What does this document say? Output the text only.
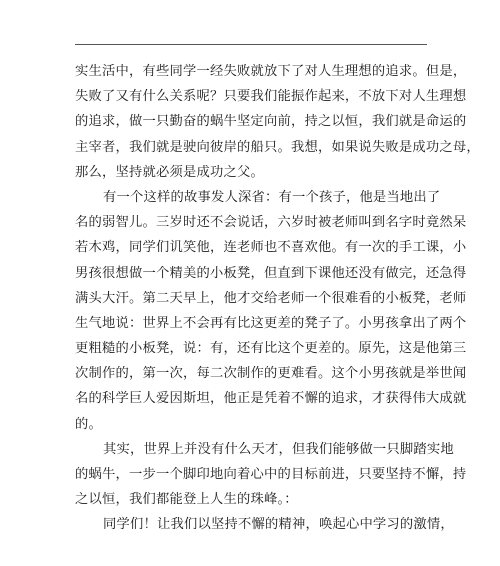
实生活中，有些同学一经失败就放下了对人生理想的追求。但是，
失败了又有什么关系呢？只要我们能振作起来，不放下对人生理想
的追求，做一只勤奋的蜗牛坚定向前，持之以恒，我们就是命运的
主宰者，我们就是驶向彼岸的船只。我想，如果说失败是成功之母，
那么，坚持就必须是成功之父。
有一个这样的故事发人深省：有一个孩子，他是当地出了
名的弱智儿。三岁时还不会说话，六岁时被老师叫到名字时竟然呆
若木鸡，同学们讥笑他，连老师也不喜欢他。有一次的手工课，小
男孩很想做一个精美的小板凳，但直到下课他还没有做完，还急得
满头大汗。第二天早上，他才交给老师一个很难看的小板凳，老师
生气地说：世界上不会再有比这更差的凳子了。小男孩拿出了两个
更粗糙的小板凳，说：有，还有比这个更差的。原先，这是他第三
次制作的，第一次，每二次制作的更难看。这个小男孩就是举世闻
名的科学巨人爱因斯坦，他正是凭着不懈的追求，才获得伟大成就
的。
其实，世界上并没有什么天才，但我们能够做一只脚踏实地
的蜗牛，一步一个脚印地向着心中的目标前进，只要坚持不懈，持
之以恒，我们都能登上人生的珠峰。：
同学们！让我们以坚持不懈的精神，唤起心中学习的激情，
